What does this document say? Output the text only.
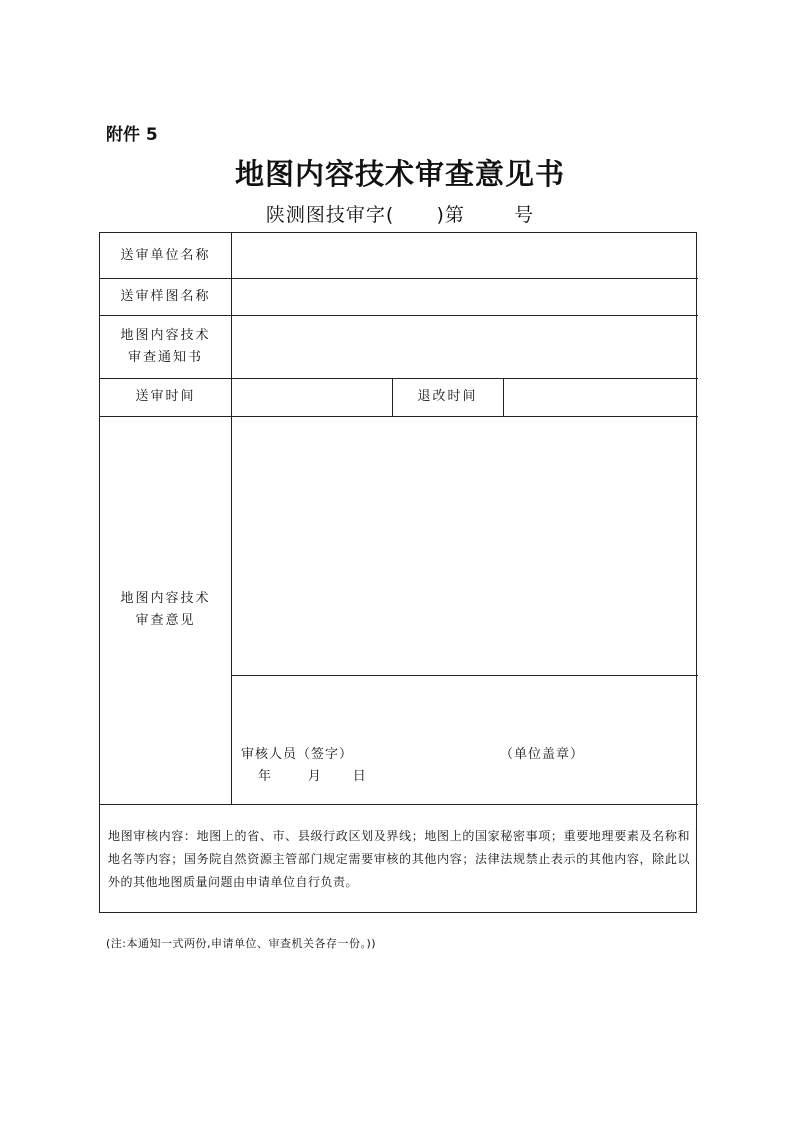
附件 5
地图内容技术审查意见书
陕测图技审字(      )第       号
送审单位名称
送审样图名称
地图内容技术
审查通知书
送审时间	退改时间
地图内容技术
审查意见
审核人员（签字）	（单位盖章）
年       月      日
地图审核内容：地图上的省、市、县级行政区划及界线；地图上的国家秘密事项；重要地理要素及名称和地名等内容；国务院自然资源主管部门规定需要审核的其他内容；法律法规禁止表示的其他内容，除此以外的其他地图质量问题由申请单位自行负责。
(注:本通知一式两份,申请单位、审查机关各存一份。))
